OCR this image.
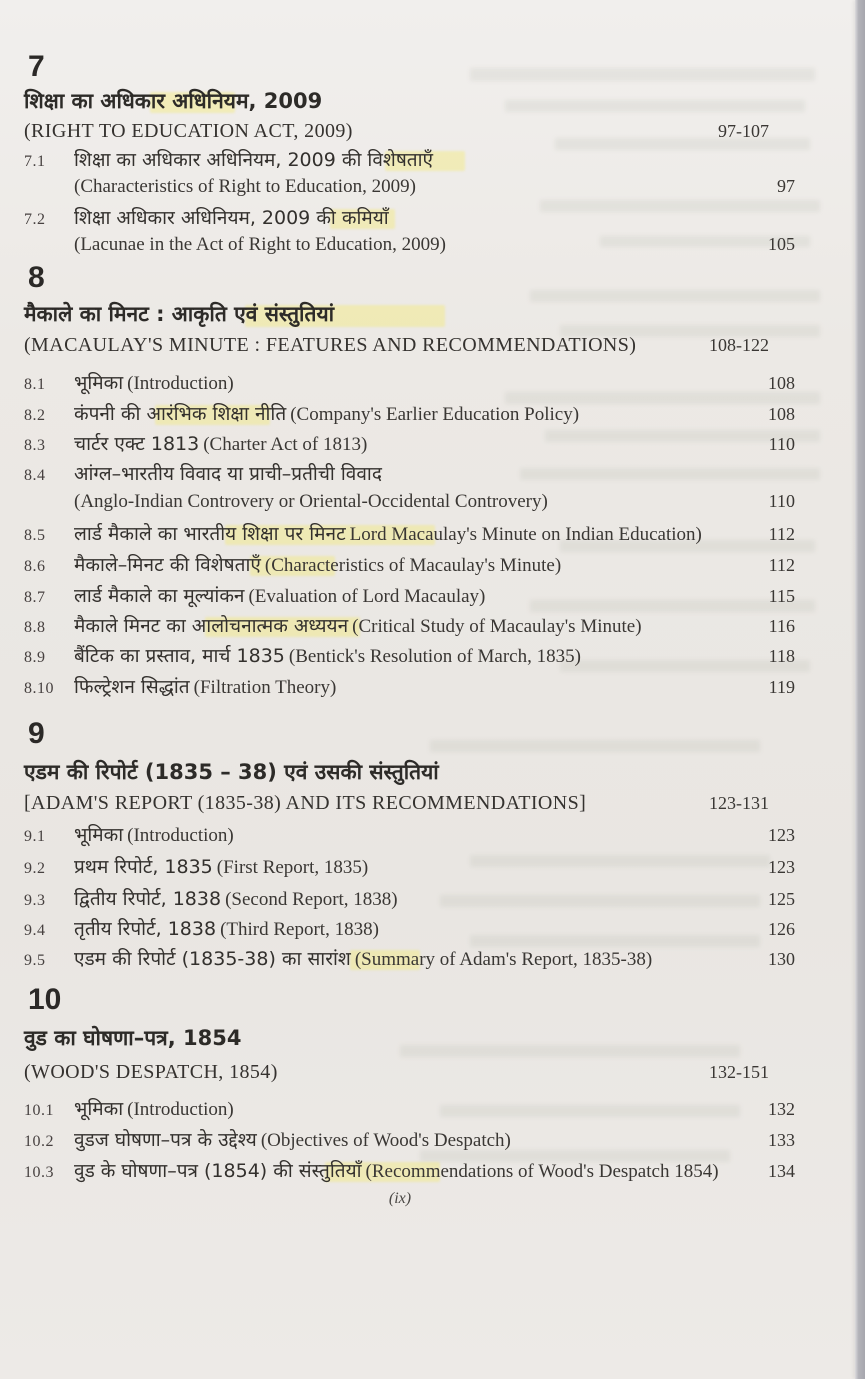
7
शिक्षा का अधिकार अधिनियम, 2009
(RIGHT TO EDUCATION ACT, 2009)	97-107
7.1	शिक्षा का अधिकार अधिनियम, 2009 की विशेषताएँ
(Characteristics of Right to Education, 2009)	97
7.2	शिक्षा अधिकार अधिनियम, 2009 की कमियाँ
(Lacunae in the Act of Right to Education, 2009)	105
8
मैकाले का मिनट : आकृति एवं संस्तुतियां
(MACAULAY'S MINUTE : FEATURES AND RECOMMENDATIONS)	108-122
8.1	भूमिका (Introduction)	108
8.2	कंपनी की आरंभिक शिक्षा नीति (Company's Earlier Education Policy)	108
8.3	चार्टर एक्ट 1813 (Charter Act of 1813)	110
8.4	आंग्ल–भारतीय विवाद या प्राची–प्रतीची विवाद
(Anglo-Indian Controvery or Oriental-Occidental Controvery)	110
8.5	लार्ड मैकाले का भारतीय शिक्षा पर मिनट Lord Macaulay's Minute on Indian Education)	112
8.6	मैकाले–मिनट की विशेषताएँ (Characteristics of Macaulay's Minute)	112
8.7	लार्ड मैकाले का मूल्यांकन (Evaluation of Lord Macaulay)	115
8.8	मैकाले मिनट का आलोचनात्मक अध्ययन (Critical Study of Macaulay's Minute)	116
8.9	बैंटिक का प्रस्ताव, मार्च 1835 (Bentick's Resolution of March, 1835)	118
8.10	फिल्ट्रेशन सिद्धांत (Filtration Theory)	119
9
एडम की रिपोर्ट (1835 – 38) एवं उसकी संस्तुतियां
[ADAM'S REPORT (1835-38) AND ITS RECOMMENDATIONS]	123-131
9.1	भूमिका (Introduction)	123
9.2	प्रथम रिपोर्ट, 1835 (First Report, 1835)	123
9.3	द्वितीय रिपोर्ट, 1838 (Second Report, 1838)	125
9.4	तृतीय रिपोर्ट, 1838 (Third Report, 1838)	126
9.5	एडम की रिपोर्ट (1835-38) का सारांश (Summary of Adam's Report, 1835-38)	130
10
वुड का घोषणा–पत्र, 1854
(WOOD'S DESPATCH, 1854)	132-151
10.1	भूमिका (Introduction)	132
10.2	वुडज घोषणा–पत्र के उद्देश्य (Objectives of Wood's Despatch)	133
10.3	वुड के घोषणा–पत्र (1854) की संस्तुतियाँ (Recommendations of Wood's Despatch 1854)	134
(ix)
